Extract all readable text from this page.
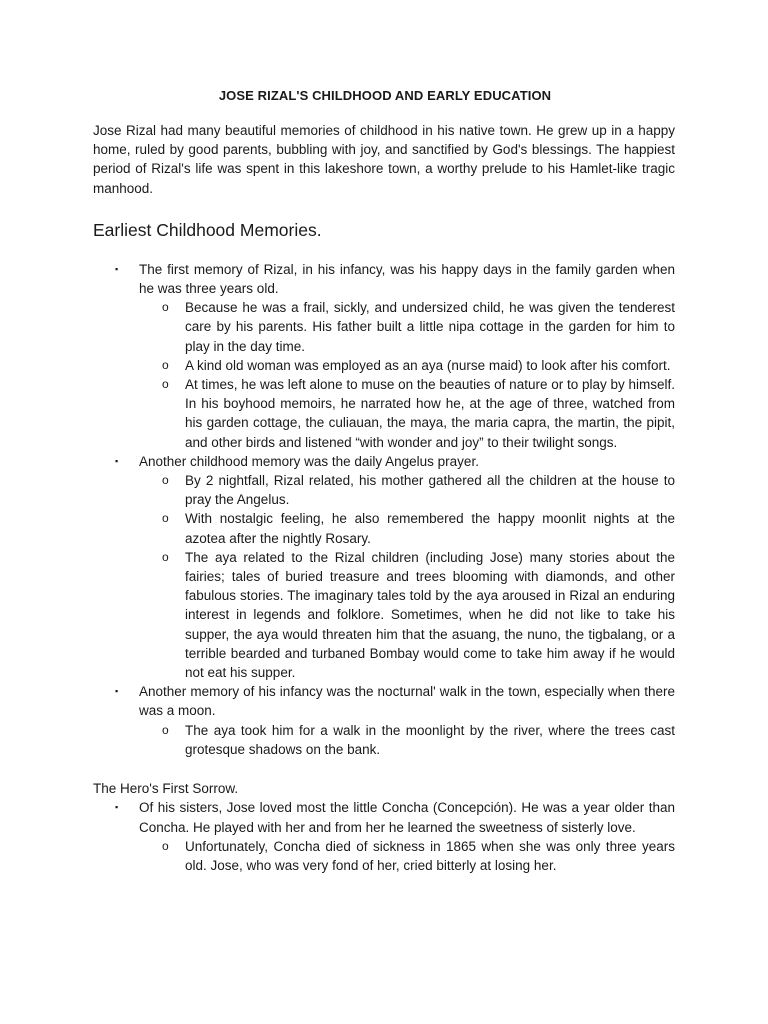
JOSE RIZAL'S CHILDHOOD AND EARLY EDUCATION

Jose Rizal had many beautiful memories of childhood in his native town. He grew up in a happy home, ruled by good parents, bubbling with joy, and sanctified by God's blessings. The happiest period of Rizal's life was spent in this lakeshore town, a worthy prelude to his Hamlet-like tragic manhood.

Earliest Childhood Memories.
▪ The first memory of Rizal, in his infancy, was his happy days in the family garden when he was three years old.
o Because he was a frail, sickly, and undersized child, he was given the tenderest care by his parents. His father built a little nipa cottage in the garden for him to play in the day time.
o A kind old woman was employed as an aya (nurse maid) to look after his comfort.
o At times, he was left alone to muse on the beauties of nature or to play by himself. In his boyhood memoirs, he narrated how he, at the age of three, watched from his garden cottage, the culiauan, the maya, the maria capra, the martin, the pipit, and other birds and listened “with wonder and joy” to their twilight songs.
▪ Another childhood memory was the daily Angelus prayer.
o By 2 nightfall, Rizal related, his mother gathered all the children at the house to pray the Angelus.
o With nostalgic feeling, he also remembered the happy moonlit nights at the azotea after the nightly Rosary.
o The aya related to the Rizal children (including Jose) many stories about the fairies; tales of buried treasure and trees blooming with diamonds, and other fabulous stories. The imaginary tales told by the aya aroused in Rizal an enduring interest in legends and folklore. Sometimes, when he did not like to take his supper, the aya would threaten him that the asuang, the nuno, the tigbalang, or a terrible bearded and turbaned Bombay would come to take him away if he would not eat his supper.
▪ Another memory of his infancy was the nocturnal' walk in the town, especially when there was a moon.
o The aya took him for a walk in the moonlight by the river, where the trees cast grotesque shadows on the bank.
The Hero's First Sorrow.
▪ Of his sisters, Jose loved most the little Concha (Concepción). He was a year older than Concha. He played with her and from her he learned the sweetness of sisterly love.
o Unfortunately, Concha died of sickness in 1865 when she was only three years old. Jose, who was very fond of her, cried bitterly at losing her.
